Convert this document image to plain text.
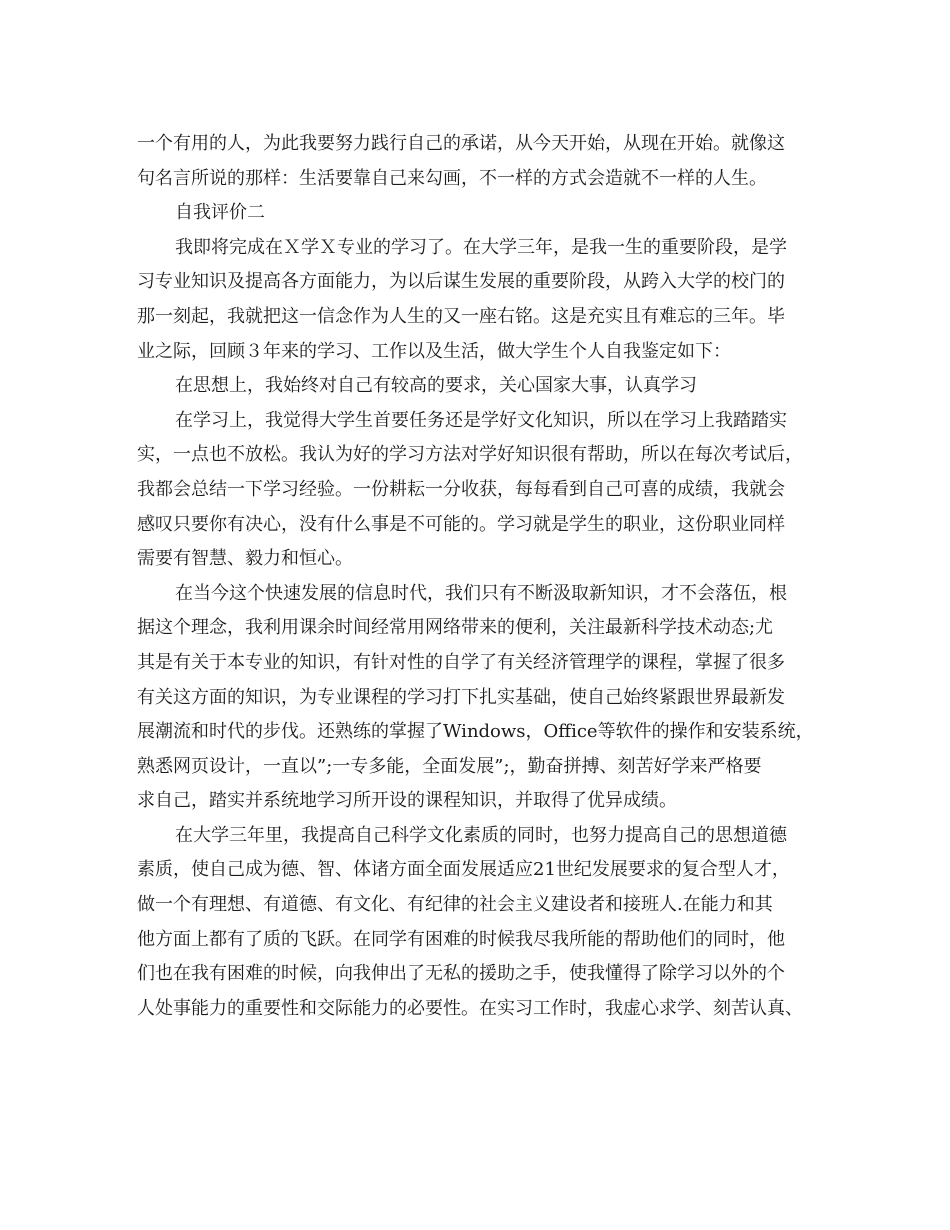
一个有用的人，为此我要努力践行自己的承诺，从今天开始，从现在开始。就像这
句名言所说的那样：生活要靠自己来勾画，不一样的方式会造就不一样的人生。
自我评价二
我即将完成在Ｘ学Ｘ专业的学习了。在大学三年，是我一生的重要阶段，是学
习专业知识及提高各方面能力，为以后谋生发展的重要阶段，从跨入大学的校门的
那一刻起，我就把这一信念作为人生的又一座右铭。这是充实且有难忘的三年。毕
业之际，回顾３年来的学习、工作以及生活，做大学生个人自我鉴定如下：
在思想上，我始终对自己有较高的要求，关心国家大事，认真学习
在学习上，我觉得大学生首要任务还是学好文化知识，所以在学习上我踏踏实
实，一点也不放松。我认为好的学习方法对学好知识很有帮助，所以在每次考试后，
我都会总结一下学习经验。一份耕耘一分收获，每每看到自己可喜的成绩，我就会
感叹只要你有决心，没有什么事是不可能的。学习就是学生的职业，这份职业同样
需要有智慧、毅力和恒心。
在当今这个快速发展的信息时代，我们只有不断汲取新知识，才不会落伍，根
据这个理念，我利用课余时间经常用网络带来的便利，关注最新科学技术动态;尤
其是有关于本专业的知识，有针对性的自学了有关经济管理学的课程，掌握了很多
有关这方面的知识，为专业课程的学习打下扎实基础，使自己始终紧跟世界最新发
展潮流和时代的步伐。还熟练的掌握了Windows，Office等软件的操作和安装系统，
熟悉网页设计，一直以”;一专多能，全面发展”;，勤奋拼搏、刻苦好学来严格要
求自己，踏实并系统地学习所开设的课程知识，并取得了优异成绩。
在大学三年里，我提高自己科学文化素质的同时，也努力提高自己的思想道德
素质，使自己成为德、智、体诸方面全面发展适应21世纪发展要求的复合型人才，
做一个有理想、有道德、有文化、有纪律的社会主义建设者和接班人.在能力和其
他方面上都有了质的飞跃。在同学有困难的时候我尽我所能的帮助他们的同时，他
们也在我有困难的时候，向我伸出了无私的援助之手，使我懂得了除学习以外的个
人处事能力的重要性和交际能力的必要性。在实习工作时，我虚心求学、刻苦认真、
